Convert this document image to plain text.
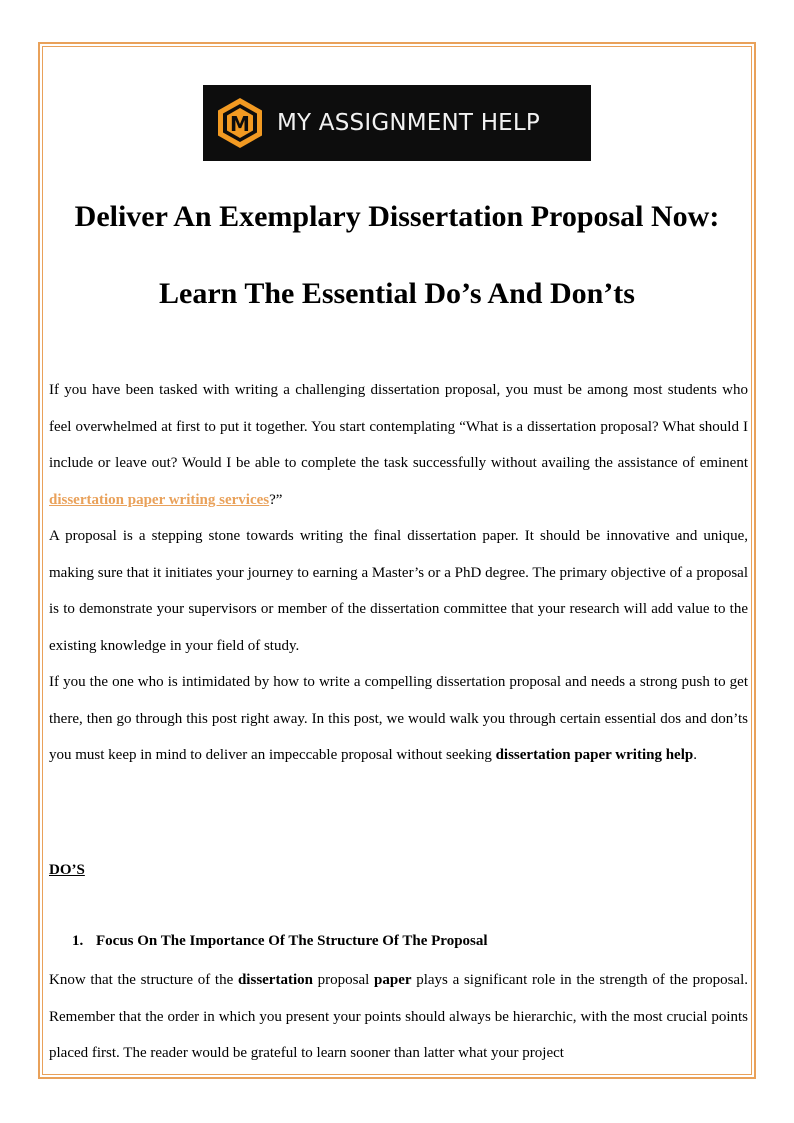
M MY ASSIGNMENT HELP
Deliver An Exemplary Dissertation Proposal Now:
Learn The Essential Do’s And Don’ts

If you have been tasked with writing a challenging dissertation proposal, you must be among most students who feel overwhelmed at first to put it together. You start contemplating “What is a dissertation proposal? What should I include or leave out? Would I be able to complete the task successfully without availing the assistance of eminent dissertation paper writing services?”

A proposal is a stepping stone towards writing the final dissertation paper. It should be innovative and unique, making sure that it initiates your journey to earning a Master’s or a PhD degree. The primary objective of a proposal is to demonstrate your supervisors or member of the dissertation committee that your research will add value to the existing knowledge in your field of study.

If you the one who is intimidated by how to write a compelling dissertation proposal and needs a strong push to get there, then go through this post right away. In this post, we would walk you through certain essential dos and don’ts you must keep in mind to deliver an impeccable proposal without seeking dissertation paper writing help.

DO’S
1. Focus On The Importance Of The Structure Of The Proposal

Know that the structure of the dissertation proposal paper plays a significant role in the strength of the proposal. Remember that the order in which you present your points should always be hierarchic, with the most crucial points placed first. The reader would be grateful to learn sooner than latter what your project
